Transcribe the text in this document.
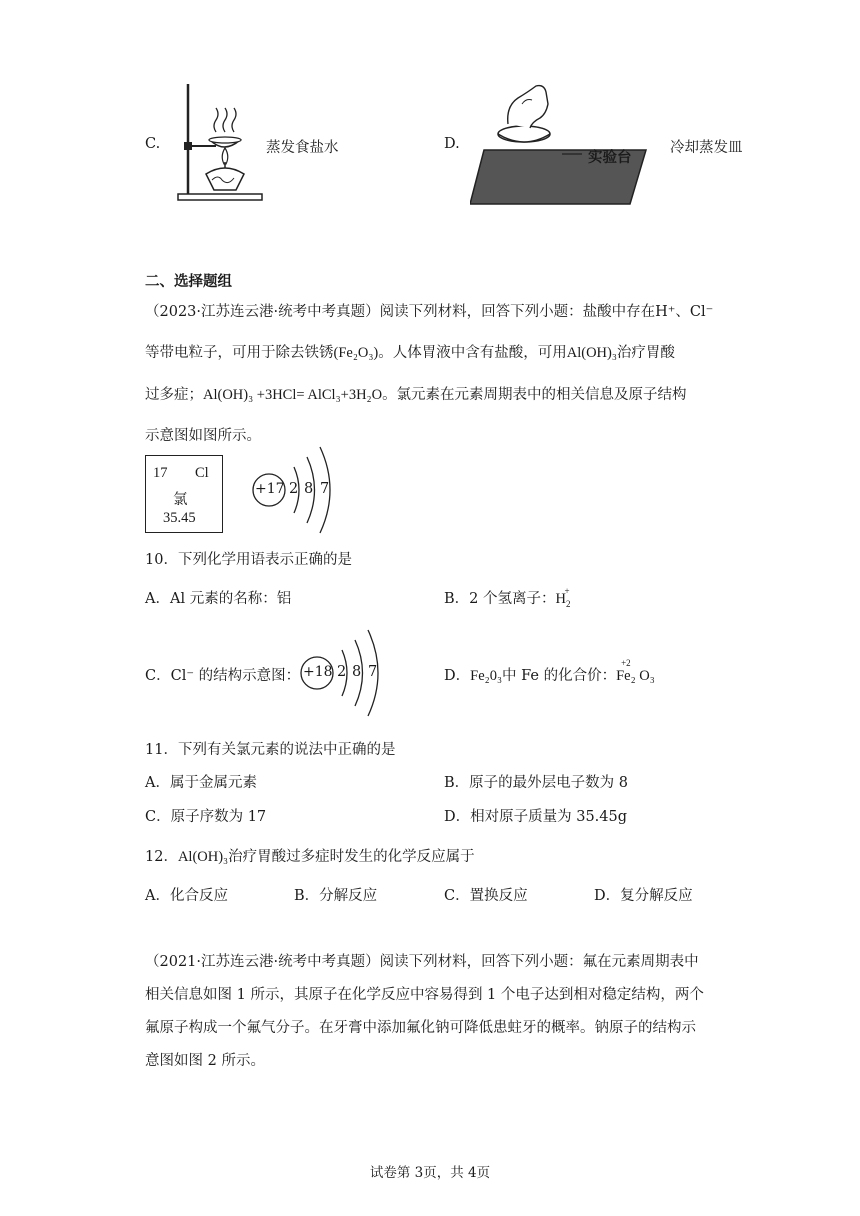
C.	蒸发食盐水	D.
实验台
冷却蒸发皿
二、选择题组
（2023·江苏连云港·统考中考真题）阅读下列材料，回答下列小题：盐酸中存在H⁺、Cl⁻
等带电粒子，可用于除去铁锈(Fe₂O₃)。人体胃液中含有盐酸，可用Al(OH)₃治疗胃酸
过多症；Al(OH)₃ +3HCl= AlCl₃+3H₂O。氯元素在元素周期表中的相关信息及原子结构
示意图如图所示。
17 Cl
氯
35.45
+17 2 8 7
10．下列化学用语表示正确的是
A．Al 元素的名称：铝	B．2 个氢离子：H
+
$_2$
C．Cl⁻ 的结构示意图： +18 2 8 7	D．Fe₂0₃中 Fe 的化合价：
+2
Fe₂ O₃
11．下列有关氯元素的说法中正确的是
A．属于金属元素	B．原子的最外层电子数为 8
C．原子序数为 17	D．相对原子质量为 35.45g
12．Al(OH)₃治疗胃酸过多症时发生的化学反应属于
A．化合反应	B．分解反应	C．置换反应	D．复分解反应
（2021·江苏连云港·统考中考真题）阅读下列材料，回答下列小题：氟在元素周期表中
相关信息如图 1 所示，其原子在化学反应中容易得到 1 个电子达到相对稳定结构，两个
氟原子构成一个氟气分子。在牙膏中添加氟化钠可降低患蛀牙的概率。钠原子的结构示
意图如图 2 所示。
试卷第 3页，共 4页
